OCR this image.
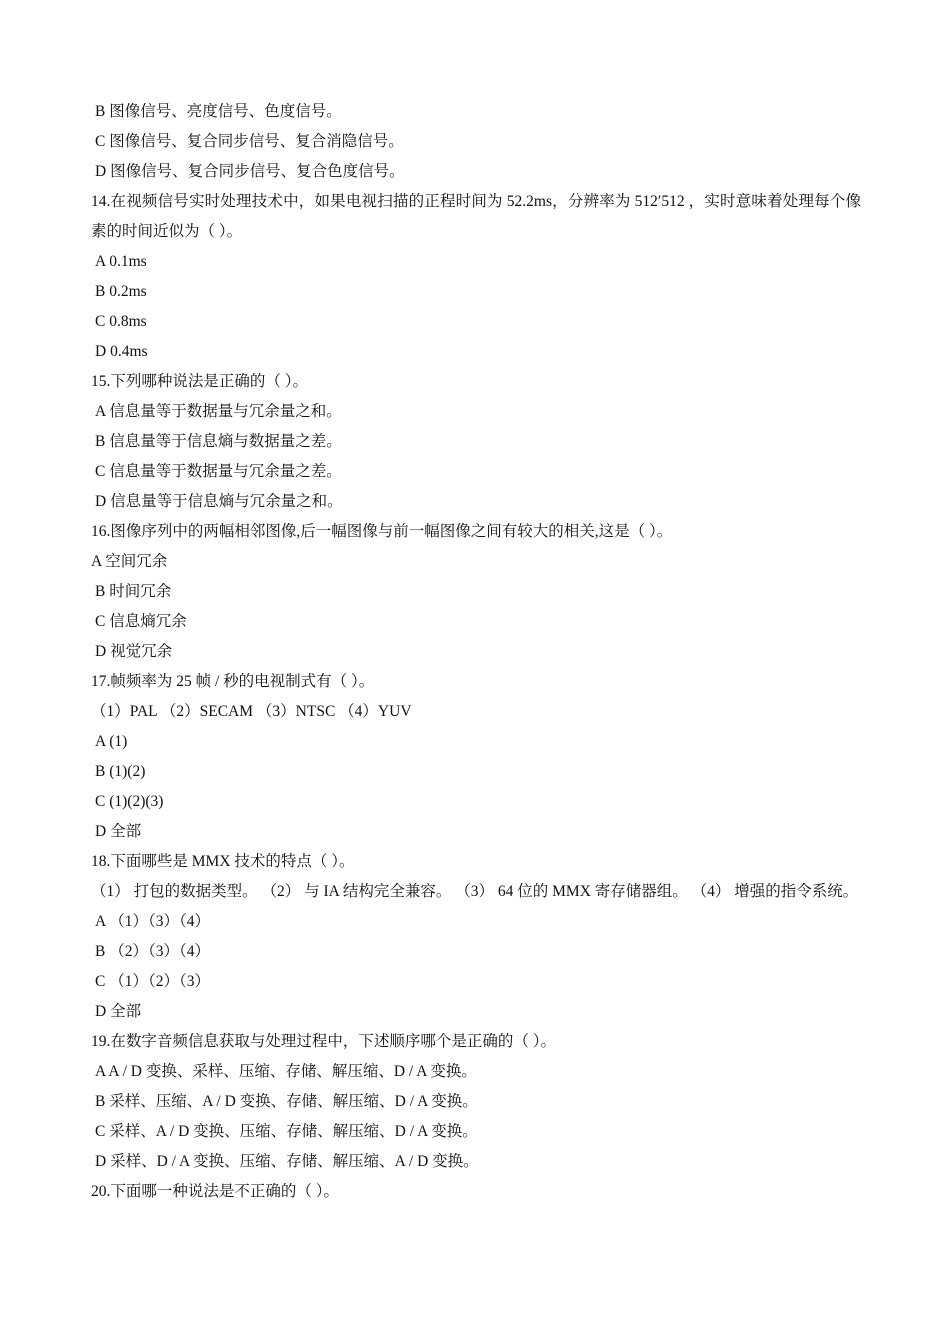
B 图像信号、亮度信号、色度信号。
C 图像信号、复合同步信号、复合消隐信号。
D 图像信号、复合同步信号、复合色度信号。
14.在视频信号实时处理技术中，如果电视扫描的正程时间为 52.2ms，分辨率为 512′512 ，实时意味着处理每个像素的时间近似为（ ）。
A 0.1ms
B 0.2ms
C 0.8ms
D 0.4ms
15.下列哪种说法是正确的（ ）。
A 信息量等于数据量与冗余量之和。
B 信息量等于信息熵与数据量之差。
C 信息量等于数据量与冗余量之差。
D 信息量等于信息熵与冗余量之和。
16.图像序列中的两幅相邻图像,后一幅图像与前一幅图像之间有较大的相关,这是（ ）。
A 空间冗余
B 时间冗余
C 信息熵冗余
D 视觉冗余
17.帧频率为 25 帧 / 秒的电视制式有（ ）。
（1）PAL （2）SECAM （3）NTSC （4）YUV
A (1)
B (1)(2)
C (1)(2)(3)
D 全部
18.下面哪些是 MMX 技术的特点（ ）。
（1） 打包的数据类型。 （2） 与 IA 结构完全兼容。 （3） 64 位的 MMX 寄存储器组。 （4） 增强的指令系统。
A （1）（3）（4）
B （2）（3）（4）
C （1）（2）（3）
D 全部
19.在数字音频信息获取与处理过程中，下述顺序哪个是正确的（ ）。
A A / D 变换、采样、压缩、存储、解压缩、D / A 变换。
B 采样、压缩、A / D 变换、存储、解压缩、D / A 变换。
C 采样、A / D 变换、压缩、存储、解压缩、D / A 变换。
D 采样、D / A 变换、压缩、存储、解压缩、A / D 变换。
20.下面哪一种说法是不正确的（ ）。
